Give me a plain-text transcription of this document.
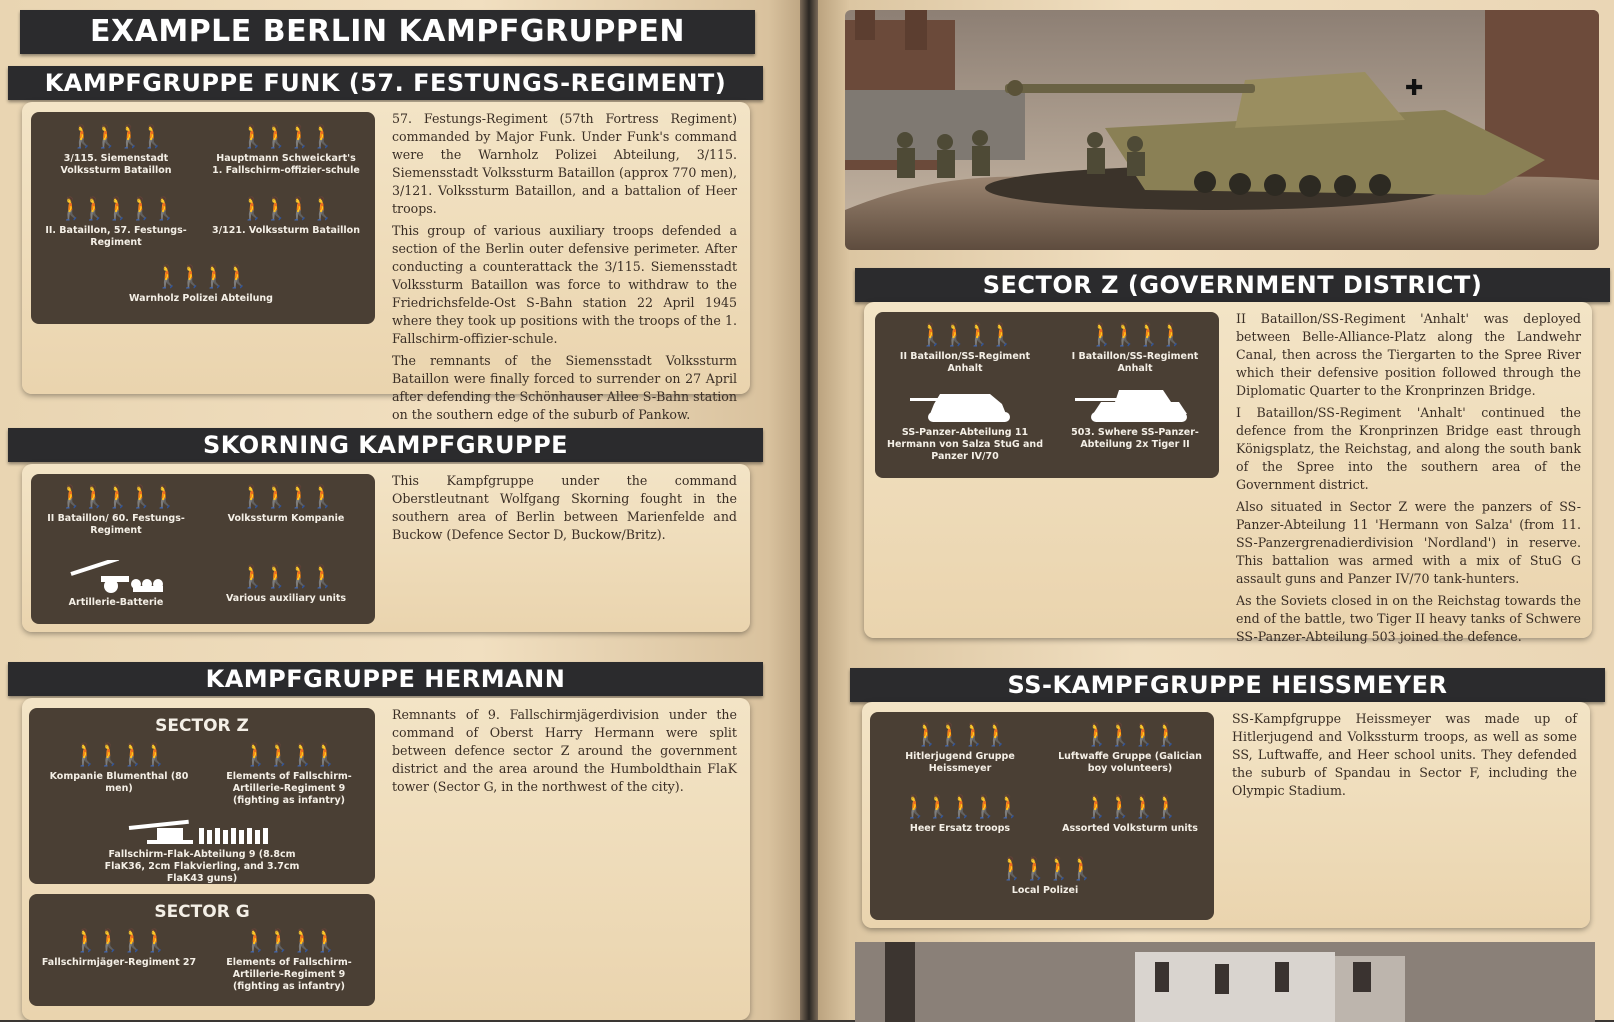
EXAMPLE BERLIN KAMPFGRUPPEN
KAMPFGRUPPE FUNK (57. FESTUNGS-REGIMENT)
🚶🚶🚶🚶
3/115. Siemenstadt Volkssturm Bataillon
🚶🚶🚶🚶
Hauptmann Schweickart's 1. Fallschirm-offizier-schule
🚶🚶🚶🚶🚶
II. Bataillon, 57. Festungs-Regiment
🚶🚶🚶🚶
3/121. Volkssturm Bataillon
🚶🚶🚶🚶
Warnholz Polizei Abteilung

57. Festungs-Regiment (57th Fortress Regiment) commanded by Major Funk. Under Funk's command were the Warnholz Polizei Abteilung, 3/115. Siemensstadt Volkssturm Bataillon (approx 770 men), 3/121. Volkssturm Bataillon, and a battalion of Heer troops.

This group of various auxiliary troops defended a section of the Berlin outer defensive perimeter. After conducting a counterattack the 3/115. Siemensstadt Volkssturm Bataillon was force to withdraw to the Friedrichsfelde-Ost S-Bahn station 22 April 1945 where they took up positions with the troops of the 1. Fallschirm-offizier-schule.

The remnants of the Siemensstadt Volkssturm Bataillon were finally forced to surrender on 27 April after defending the Schönhauser Allee S-Bahn station on the southern edge of the suburb of Pankow.

SKORNING KAMPFGRUPPE
🚶🚶🚶🚶🚶
II Bataillon/ 60. Festungs-Regiment
🚶🚶🚶🚶
Volkssturm Kompanie
Artillerie-Batterie
🚶🚶🚶🚶
Various auxiliary units

This Kampfgruppe under the command Oberstleutnant Wolfgang Skorning fought in the southern area of Berlin between Marienfelde and Buckow (Defence Sector D, Buckow/Britz).

KAMPFGRUPPE HERMANN
SECTOR Z
🚶🚶🚶🚶
Kompanie Blumenthal (80 men)
🚶🚶🚶🚶
Elements of Fallschirm-Artillerie-Regiment 9 (fighting as infantry)
Fallschirm-Flak-Abteilung 9 (8.8cm FlaK36, 2cm Flakvierling, and 3.7cm FlaK43 guns)
SECTOR G
🚶🚶🚶🚶
Fallschirmjäger-Regiment 27
🚶🚶🚶🚶
Elements of Fallschirm-Artillerie-Regiment 9 (fighting as infantry)

Remnants of 9. Fallschirmjägerdivision under the command of Oberst Harry Hermann were split between defence sector Z around the government district and the area around the Humboldthain FlaK tower (Sector G, in the northwest of the city).

✚
SECTOR Z (GOVERNMENT DISTRICT)
🚶🚶🚶🚶
II Bataillon/SS-Regiment Anhalt
🚶🚶🚶🚶
I Bataillon/SS-Regiment Anhalt
SS-Panzer-Abteilung 11 Hermann von Salza StuG and Panzer IV/70
503. Swhere SS-Panzer-Abteilung 2x Tiger II

II Bataillon/SS-Regiment 'Anhalt' was deployed between Belle-Alliance-Platz along the Landwehr Canal, then across the Tiergarten to the Spree River which their defensive position followed through the Diplomatic Quarter to the Kronprinzen Bridge.

I Bataillon/SS-Regiment 'Anhalt' continued the defence from the Kronprinzen Bridge east through Königsplatz, the Reichstag, and along the south bank of the Spree into the southern area of the Government district.

Also situated in Sector Z were the panzers of SS-Panzer-Abteilung 11 'Hermann von Salza' (from 11. SS-Panzergrenadierdivision 'Nordland') in reserve. This battalion was armed with a mix of StuG G assault guns and Panzer IV/70 tank-hunters.

As the Soviets closed in on the Reichstag towards the end of the battle, two Tiger II heavy tanks of Schwere SS-Panzer-Abteilung 503 joined the defence.

SS-KAMPFGRUPPE HEISSMEYER
🚶🚶🚶🚶
Hitlerjugend Gruppe Heissmeyer
🚶🚶🚶🚶
Luftwaffe Gruppe (Galician boy volunteers)
🚶🚶🚶🚶🚶
Heer Ersatz troops
🚶🚶🚶🚶
Assorted Volksturm units
🚶🚶🚶🚶
Local Polizei

SS-Kampfgruppe Heissmeyer was made up of Hitlerjugend and Volkssturm troops, as well as some SS, Luftwaffe, and Heer school units. They defended the suburb of Spandau in Sector F, including the Olympic Stadium.
